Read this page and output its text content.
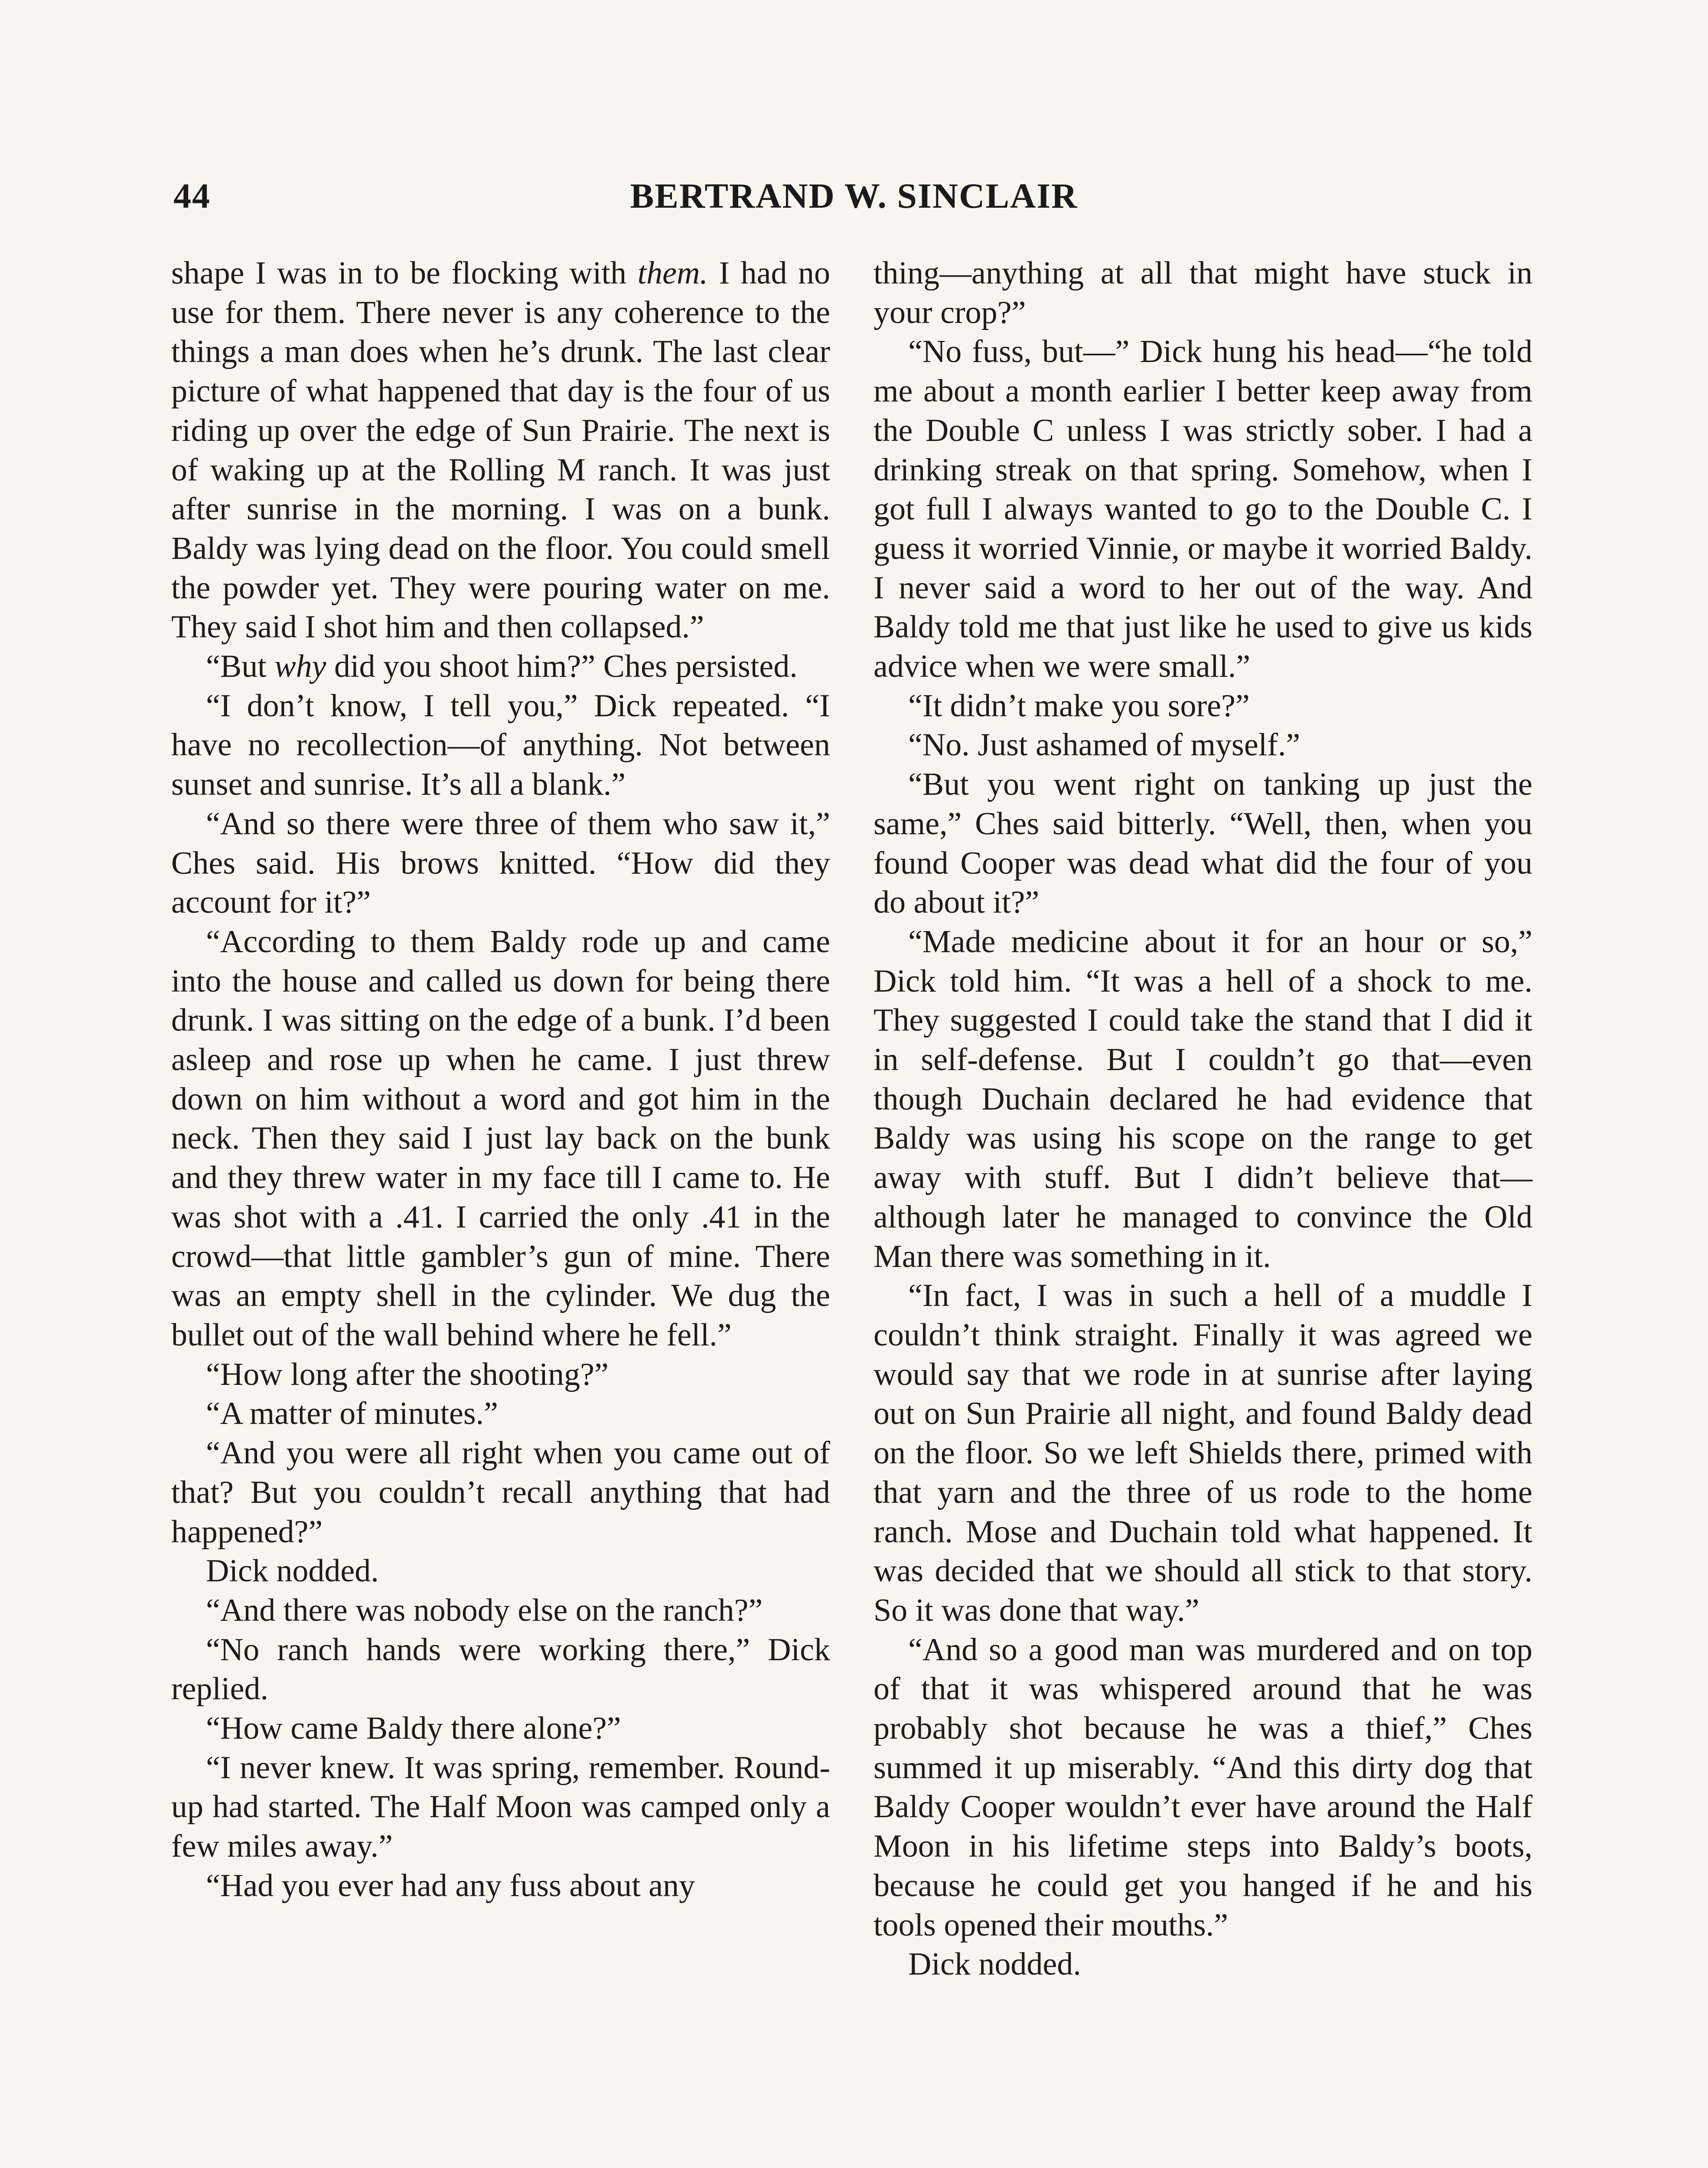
44	BERTRAND W. SINCLAIR

shape I was in to be flocking with them. I had no use for them. There never is any coherence to the things a man does when he’s drunk. The last clear picture of what happened that day is the four of us riding up over the edge of Sun Prairie. The next is of waking up at the Rolling M ranch. It was just after sunrise in the morning. I was on a bunk. Baldy was lying dead on the floor. You could smell the powder yet. They were pouring water on me. They said I shot him and then collapsed.”

“But why did you shoot him?” Ches persisted.

“I don’t know, I tell you,” Dick repeated. “I have no recollection—of anything. Not between sunset and sunrise. It’s all a blank.”

“And so there were three of them who saw it,” Ches said. His brows knitted. “How did they account for it?”

“According to them Baldy rode up and came into the house and called us down for being there drunk. I was sitting on the edge of a bunk. I’d been asleep and rose up when he came. I just threw down on him without a word and got him in the neck. Then they said I just lay back on the bunk and they threw water in my face till I came to. He was shot with a .41. I carried the only .41 in the crowd—that little gambler’s gun of mine. There was an empty shell in the cylinder. We dug the bullet out of the wall behind where he fell.”

“How long after the shooting?”

“A matter of minutes.”

“And you were all right when you came out of that? But you couldn’t recall anything that had happened?”

Dick nodded.

“And there was nobody else on the ranch?”

“No ranch hands were working there,” Dick replied.

“How came Baldy there alone?”

“I never knew. It was spring, remember. Round-up had started. The Half Moon was camped only a few miles away.”

“Had you ever had any fuss about any

thing—anything at all that might have stuck in your crop?”

“No fuss, but—” Dick hung his head—“he told me about a month earlier I better keep away from the Double C unless I was strictly sober. I had a drinking streak on that spring. Somehow, when I got full I always wanted to go to the Double C. I guess it worried Vinnie, or maybe it worried Baldy. I never said a word to her out of the way. And Baldy told me that just like he used to give us kids advice when we were small.”

“It didn’t make you sore?”

“No. Just ashamed of myself.”

“But you went right on tanking up just the same,” Ches said bitterly. “Well, then, when you found Cooper was dead what did the four of you do about it?”

“Made medicine about it for an hour or so,” Dick told him. “It was a hell of a shock to me. They suggested I could take the stand that I did it in self-defense. But I couldn’t go that—even though Duchain declared he had evidence that Baldy was using his scope on the range to get away with stuff. But I didn’t believe that—although later he managed to convince the Old Man there was something in it.

“In fact, I was in such a hell of a muddle I couldn’t think straight. Finally it was agreed we would say that we rode in at sunrise after laying out on Sun Prairie all night, and found Baldy dead on the floor. So we left Shields there, primed with that yarn and the three of us rode to the home ranch. Mose and Duchain told what happened. It was decided that we should all stick to that story. So it was done that way.”

“And so a good man was murdered and on top of that it was whispered around that he was probably shot because he was a thief,” Ches summed it up miserably. “And this dirty dog that Baldy Cooper wouldn’t ever have around the Half Moon in his lifetime steps into Baldy’s boots, because he could get you hanged if he and his tools opened their mouths.”

Dick nodded.
